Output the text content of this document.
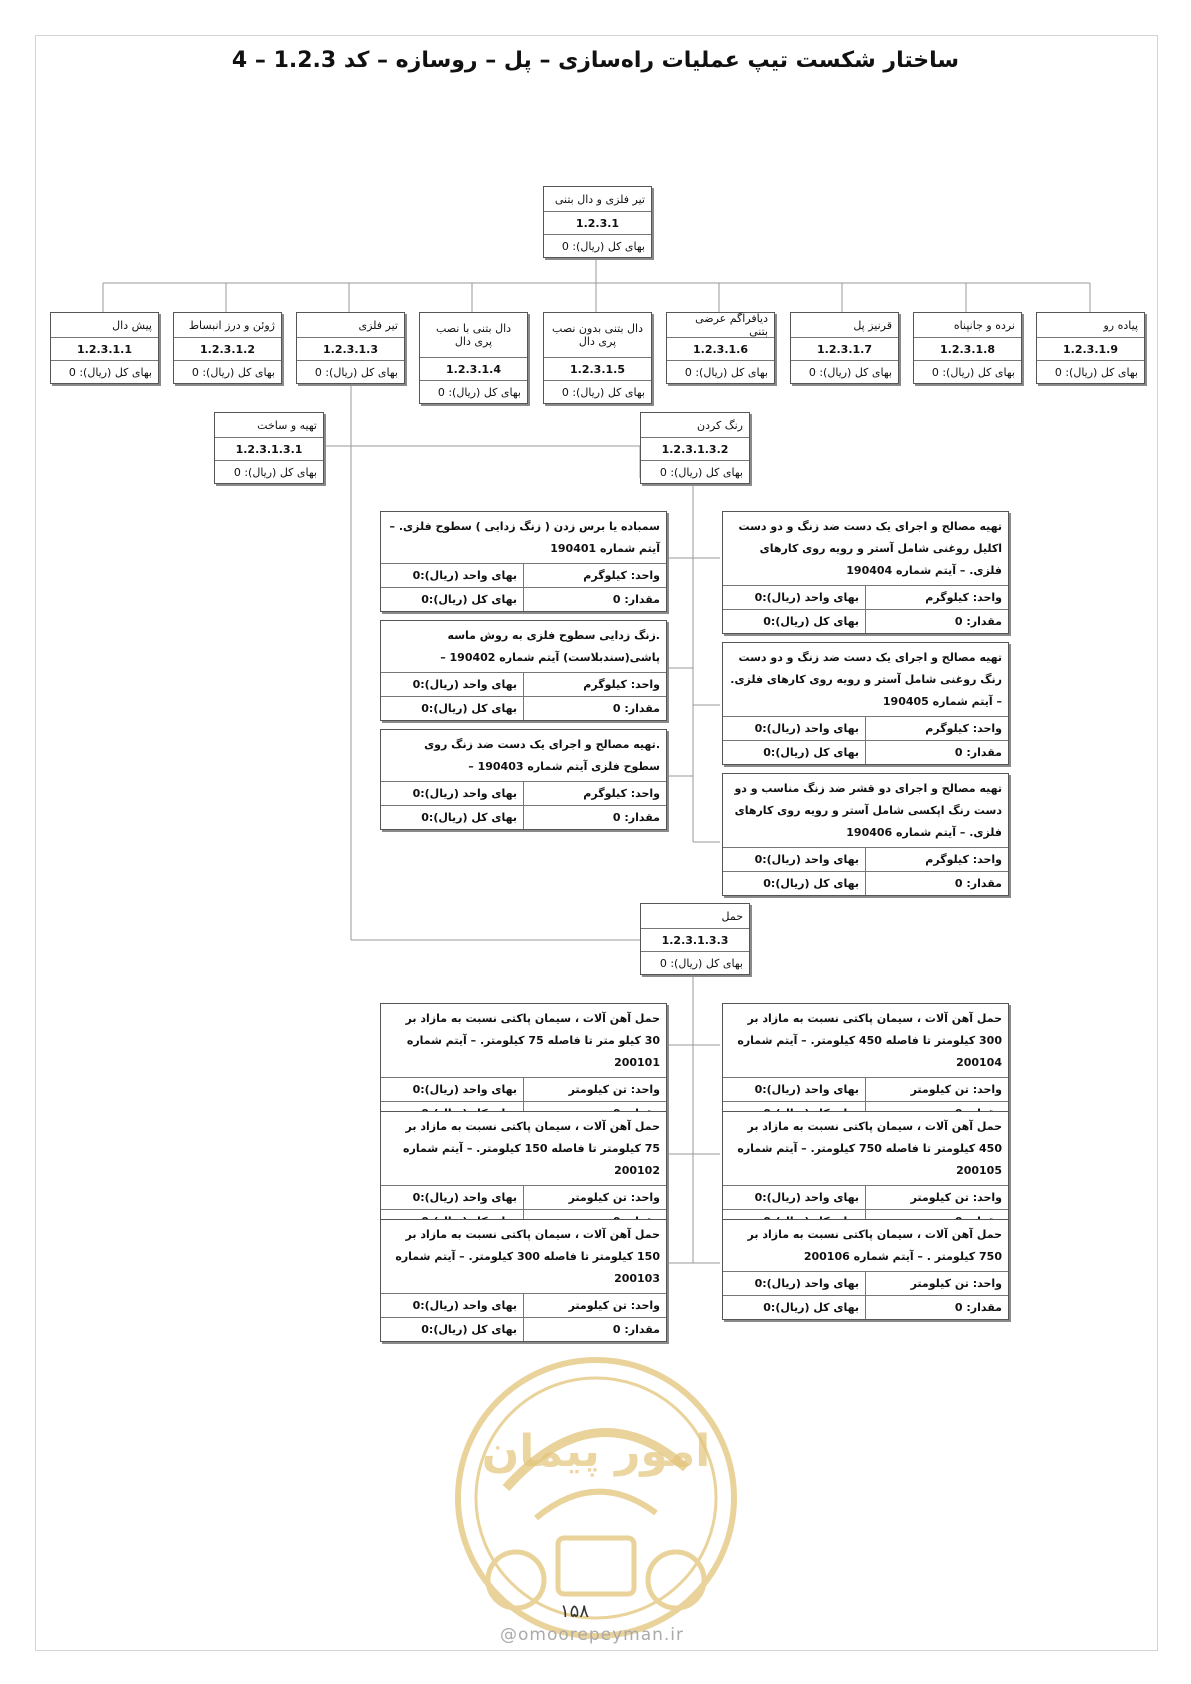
ساختار شکست تیپ عملیات راه‌سازی – پل – روسازه – کد 1.2.3 – 4
تیر فلزی و دال بتنی
1.2.3.1
بهای کل (ریال): 0
پیاده رو
1.2.3.1.9
بهای کل (ریال): 0
نرده و جانپناه
1.2.3.1.8
بهای کل (ریال): 0
قرنیز پل
1.2.3.1.7
بهای کل (ریال): 0
دیافراگم عرضی بتنی
1.2.3.1.6
بهای کل (ریال): 0
دال بتنی بدون نصب پری دال
1.2.3.1.5
بهای کل (ریال): 0
دال بتنی با نصب پری دال
1.2.3.1.4
بهای کل (ریال): 0
تیر فلزی
1.2.3.1.3
بهای کل (ریال): 0
ژوئن و درز انبساط
1.2.3.1.2
بهای کل (ریال): 0
پیش دال
1.2.3.1.1
بهای کل (ریال): 0
تهیه و ساخت
1.2.3.1.3.1
بهای کل (ریال): 0
رنگ کردن
1.2.3.1.3.2
بهای کل (ریال): 0
حمل
1.2.3.1.3.3
بهای کل (ریال): 0
سمباده یا برس زدن ( زنگ زدایی ) سطوح فلزی. – آیتم شماره 190401
واحد: کیلوگرم
بهای واحد (ریال):0
مقدار: 0
بهای کل (ریال):0
.زنگ زدایی سطوح فلزی به روش ماسه پاشی(سندبلاست) آیتم شماره 190402 –
واحد: کیلوگرم
بهای واحد (ریال):0
مقدار: 0
بهای کل (ریال):0
.تهیه مصالح و اجرای یک دست ضد زنگ روی سطوح فلزی آیتم شماره 190403 –
واحد: کیلوگرم
بهای واحد (ریال):0
مقدار: 0
بهای کل (ریال):0
تهیه مصالح و اجرای یک دست ضد زنگ و دو دست اکلیل روغنی شامل آستر و رویه روی کارهای فلزی. – آیتم شماره 190404
واحد: کیلوگرم
بهای واحد (ریال):0
مقدار: 0
بهای کل (ریال):0
تهیه مصالح و اجرای یک دست ضد زنگ و دو دست رنگ روغنی شامل آستر و رویه روی کارهای فلزی. – آیتم شماره 190405
واحد: کیلوگرم
بهای واحد (ریال):0
مقدار: 0
بهای کل (ریال):0
تهیه مصالح و اجرای دو قشر ضد زنگ مناسب و دو دست رنگ اپکسی شامل آستر و رویه روی کارهای فلزی. – آیتم شماره 190406
واحد: کیلوگرم
بهای واحد (ریال):0
مقدار: 0
بهای کل (ریال):0
حمل آهن آلات ، سیمان پاکتی نسبت به مازاد بر 30 کیلو متر تا فاصله 75 کیلومتر. – آیتم شماره 200101
واحد: تن کیلومتر
بهای واحد (ریال):0
حمل آهن آلات ، سیمان پاکتی نسبت به مازاد بر 75 کیلومتر تا فاصله 150 کیلومتر. – آیتم شماره 200102
واحد: تن کیلومتر
بهای واحد (ریال):0
حمل آهن آلات ، سیمان پاکتی نسبت به مازاد بر 150 کیلومتر تا فاصله 300 کیلومتر. – آیتم شماره 200103
واحد: تن کیلومتر
بهای واحد (ریال):0
مقدار: 0
بهای کل (ریال):0
حمل آهن آلات ، سیمان پاکتی نسبت به مازاد بر 300 کیلومتر تا فاصله 450 کیلومتر. – آیتم شماره 200104
واحد: تن کیلومتر
بهای واحد (ریال):0
حمل آهن آلات ، سیمان پاکتی نسبت به مازاد بر 450 کیلومتر تا فاصله 750 کیلومتر. – آیتم شماره 200105
واحد: تن کیلومتر
بهای واحد (ریال):0
حمل آهن آلات ، سیمان پاکتی نسبت به مازاد بر 750 کیلومتر . – آیتم شماره 200106
واحد: تن کیلومتر
بهای واحد (ریال):0
مقدار: 0
بهای کل (ریال):0
امور پیمان
۱۵۸
@omoorepeyman.ir
